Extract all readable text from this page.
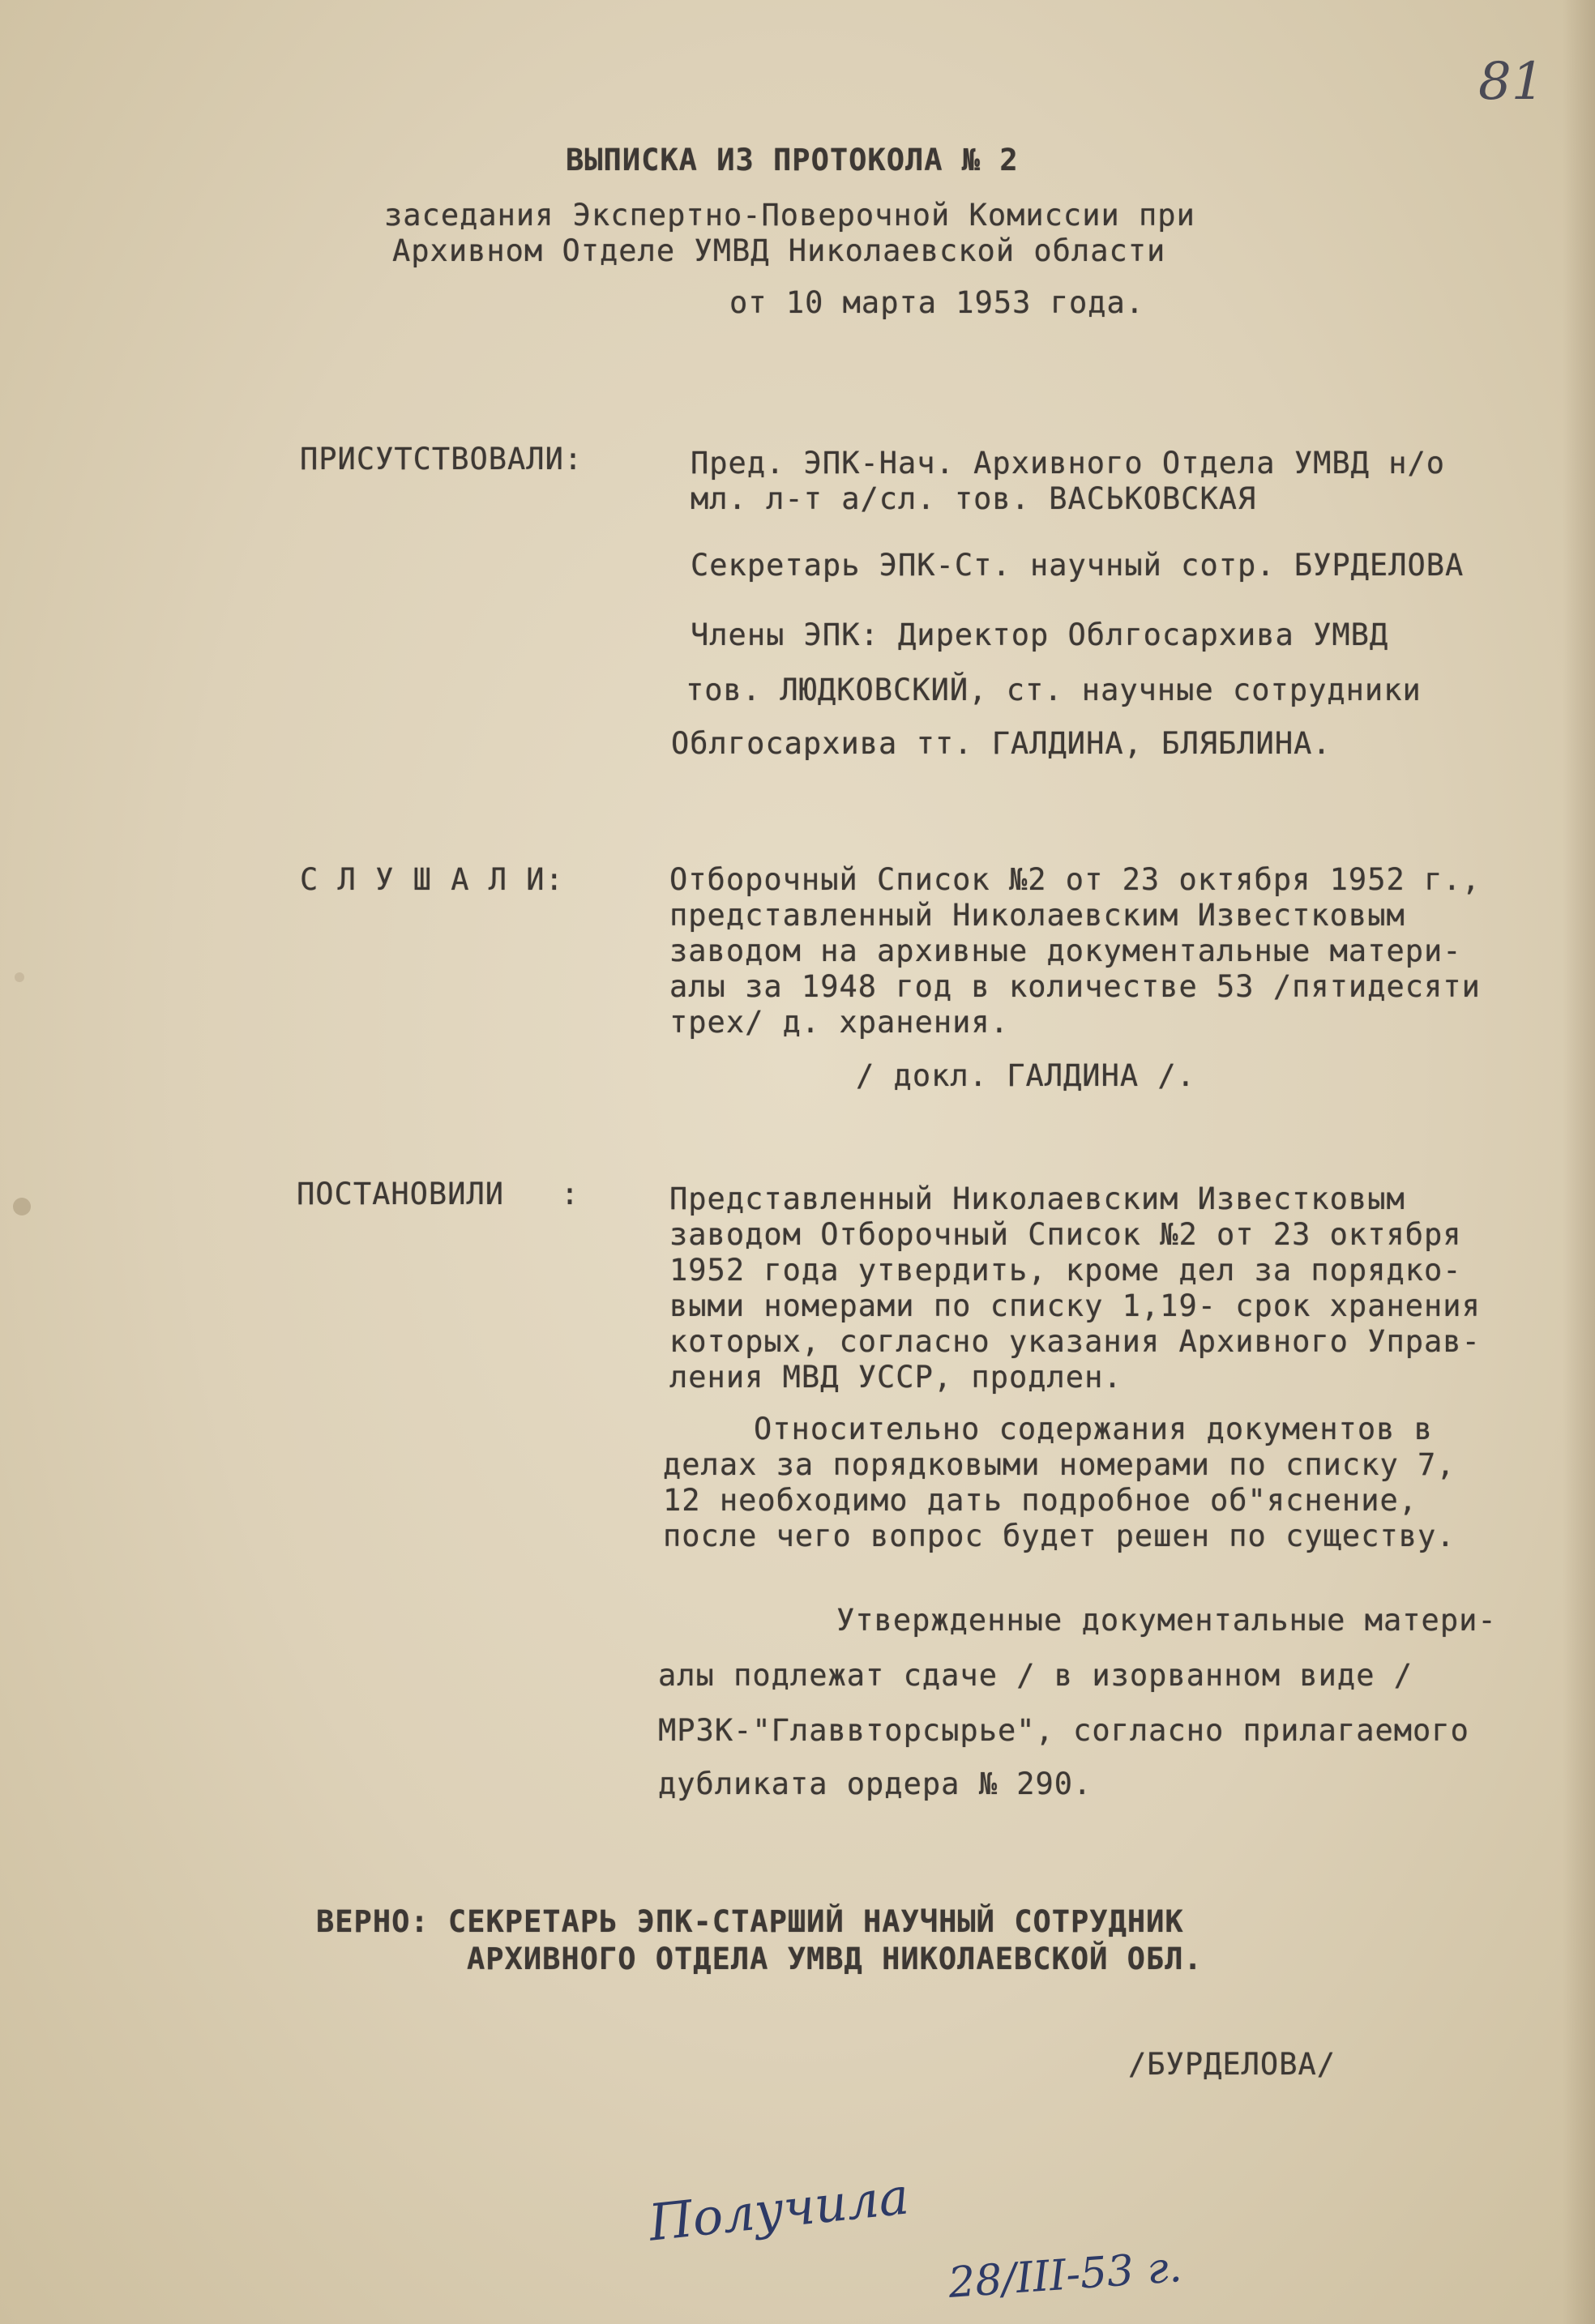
81
ВЫПИСКА ИЗ ПРОТОКОЛА № 2
заседания Экспертно-Поверочной Комиссии при
Архивном Отделе УМВД Николаевской области
от 10 марта 1953 года.
ПРИСУТСТВОВАЛИ:	Пред. ЭПК-Нач. Архивного Отдела УМВД н/о
мл. л-т а/сл. тов. ВАСЬКОВСКАЯ
Секретарь ЭПК-Ст. научный сотр. БУРДЕЛОВА
Члены ЭПК: Директор Облгосархива УМВД
тов. ЛЮДКОВСКИЙ, ст. научные сотрудники
Облгосархива тт. ГАЛДИНА, БЛЯБЛИНА.
С Л У Ш А Л И:	Отборочный Список №2 от 23 октября 1952 г.,
представленный Николаевским Известковым
заводом на архивные документальные матери-
алы за 1948 год в количестве 53 /пятидесяти
трех/ д. хранения.
/ докл. ГАЛДИНА /.
ПОСТАНОВИЛИ   :	Представленный Николаевским Известковым
заводом Отборочный Список №2 от 23 октября
1952 года утвердить, кроме дел за порядко-
выми номерами по списку 1,19- срок хранения
которых, согласно указания Архивного Управ-
ления МВД УССР, продлен.
Относительно содержания документов в
делах за порядковыми номерами по списку 7,
12 необходимо дать подробное об"яснение,
после чего вопрос будет решен по существу.
Утвержденные документальные матери-
алы подлежат сдаче / в изорванном виде /
МРЗК-"Главвторсырье", согласно прилагаемого
дубликата ордера № 290.
ВЕРНО: СЕКРЕТАРЬ ЭПК-СТАРШИЙ НАУЧНЫЙ СОТРУДНИК
АРХИВНОГО ОТДЕЛА УМВД НИКОЛАЕВСКОЙ ОБЛ.
/БУРДЕЛОВА/
Получила
28/III-53 г.
